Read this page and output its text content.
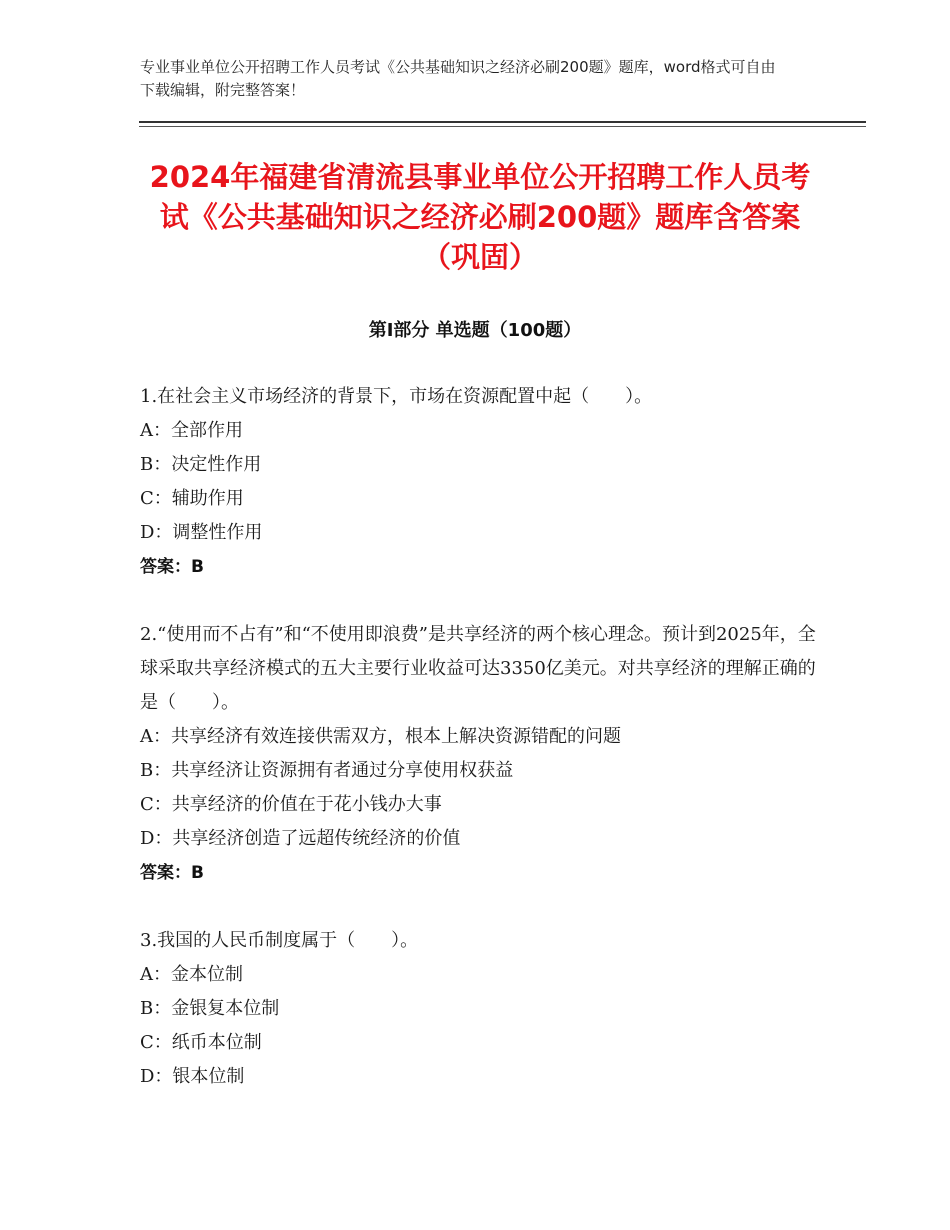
专业事业单位公开招聘工作人员考试《公共基础知识之经济必刷200题》题库，word格式可自由下载编辑，附完整答案！
2024年福建省清流县事业单位公开招聘工作人员考试《公共基础知识之经济必刷200题》题库含答案（巩固）
第Ⅰ部分 单选题（100题）
1.在社会主义市场经济的背景下，市场在资源配置中起（　　）。
A：全部作用
B：决定性作用
C：辅助作用
D：调整性作用
答案：B
2.“使用而不占有”和“不使用即浪费”是共享经济的两个核心理念。预计到2025年，全球采取共享经济模式的五大主要行业收益可达3350亿美元。对共享经济的理解正确的是（　　）。
A：共享经济有效连接供需双方，根本上解决资源错配的问题
B：共享经济让资源拥有者通过分享使用权获益
C：共享经济的价值在于花小钱办大事
D：共享经济创造了远超传统经济的价值
答案：B
3.我国的人民币制度属于（　　）。
A：金本位制
B：金银复本位制
C：纸币本位制
D：银本位制
